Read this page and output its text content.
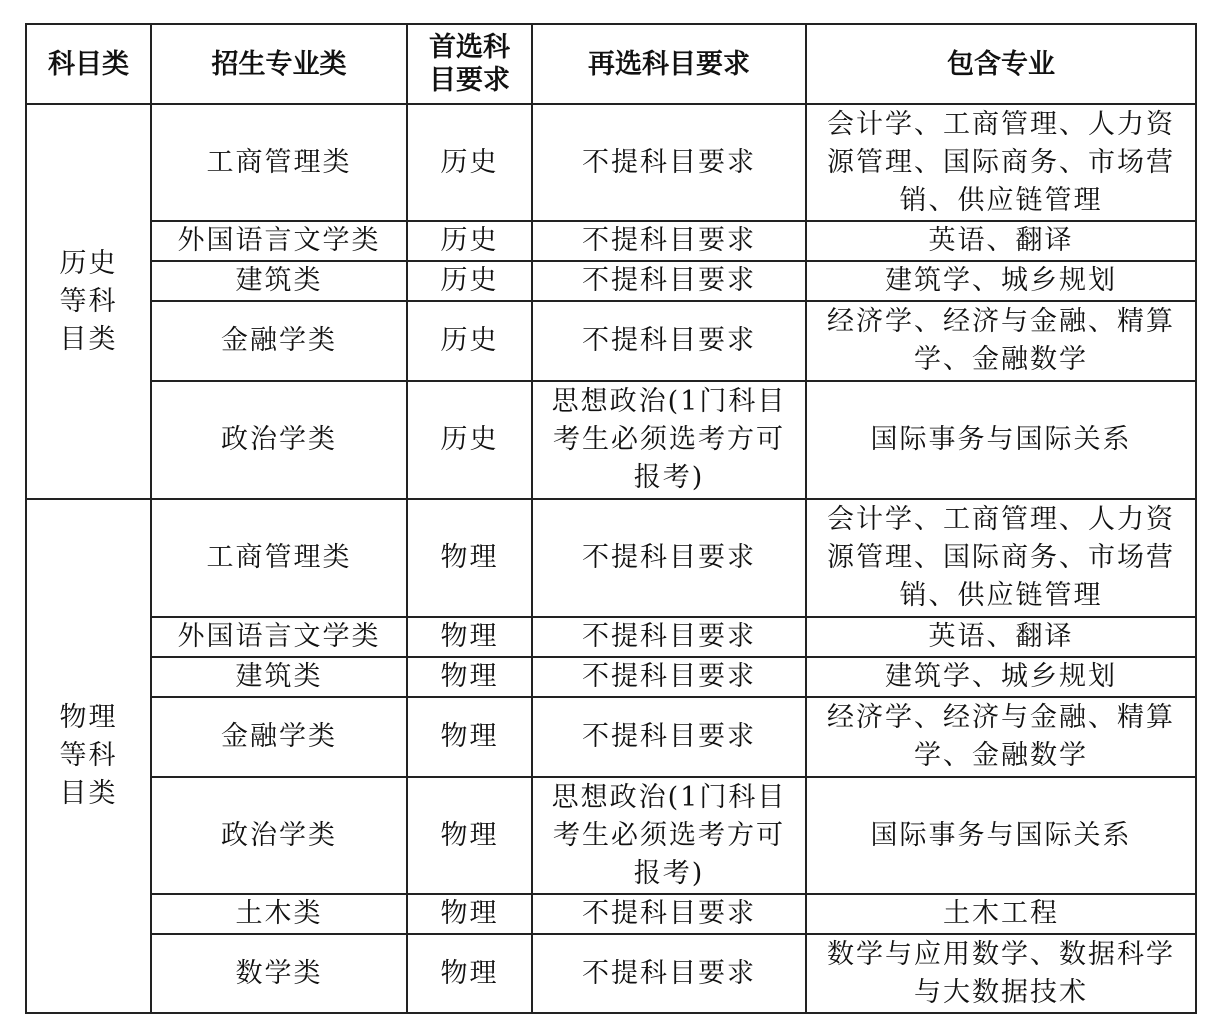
科目类	招生专业类	首选科目要求	再选科目要求	包含专业
历史等科目类	工商管理类	历史	不提科目要求	会计学、工商管理、人力资源管理、国际商务、市场营销、供应链管理
	外国语言文学类	历史	不提科目要求	英语、翻译
	建筑类	历史	不提科目要求	建筑学、城乡规划
	金融学类	历史	不提科目要求	经济学、经济与金融、精算学、金融数学
	政治学类	历史	思想政治(1门科目考生必须选考方可报考)	国际事务与国际关系
物理等科目类	工商管理类	物理	不提科目要求	会计学、工商管理、人力资源管理、国际商务、市场营销、供应链管理
	外国语言文学类	物理	不提科目要求	英语、翻译
	建筑类	物理	不提科目要求	建筑学、城乡规划
	金融学类	物理	不提科目要求	经济学、经济与金融、精算学、金融数学
	政治学类	物理	思想政治(1门科目考生必须选考方可报考)	国际事务与国际关系
	土木类	物理	不提科目要求	土木工程
	数学类	物理	不提科目要求	数学与应用数学、数据科学与大数据技术
